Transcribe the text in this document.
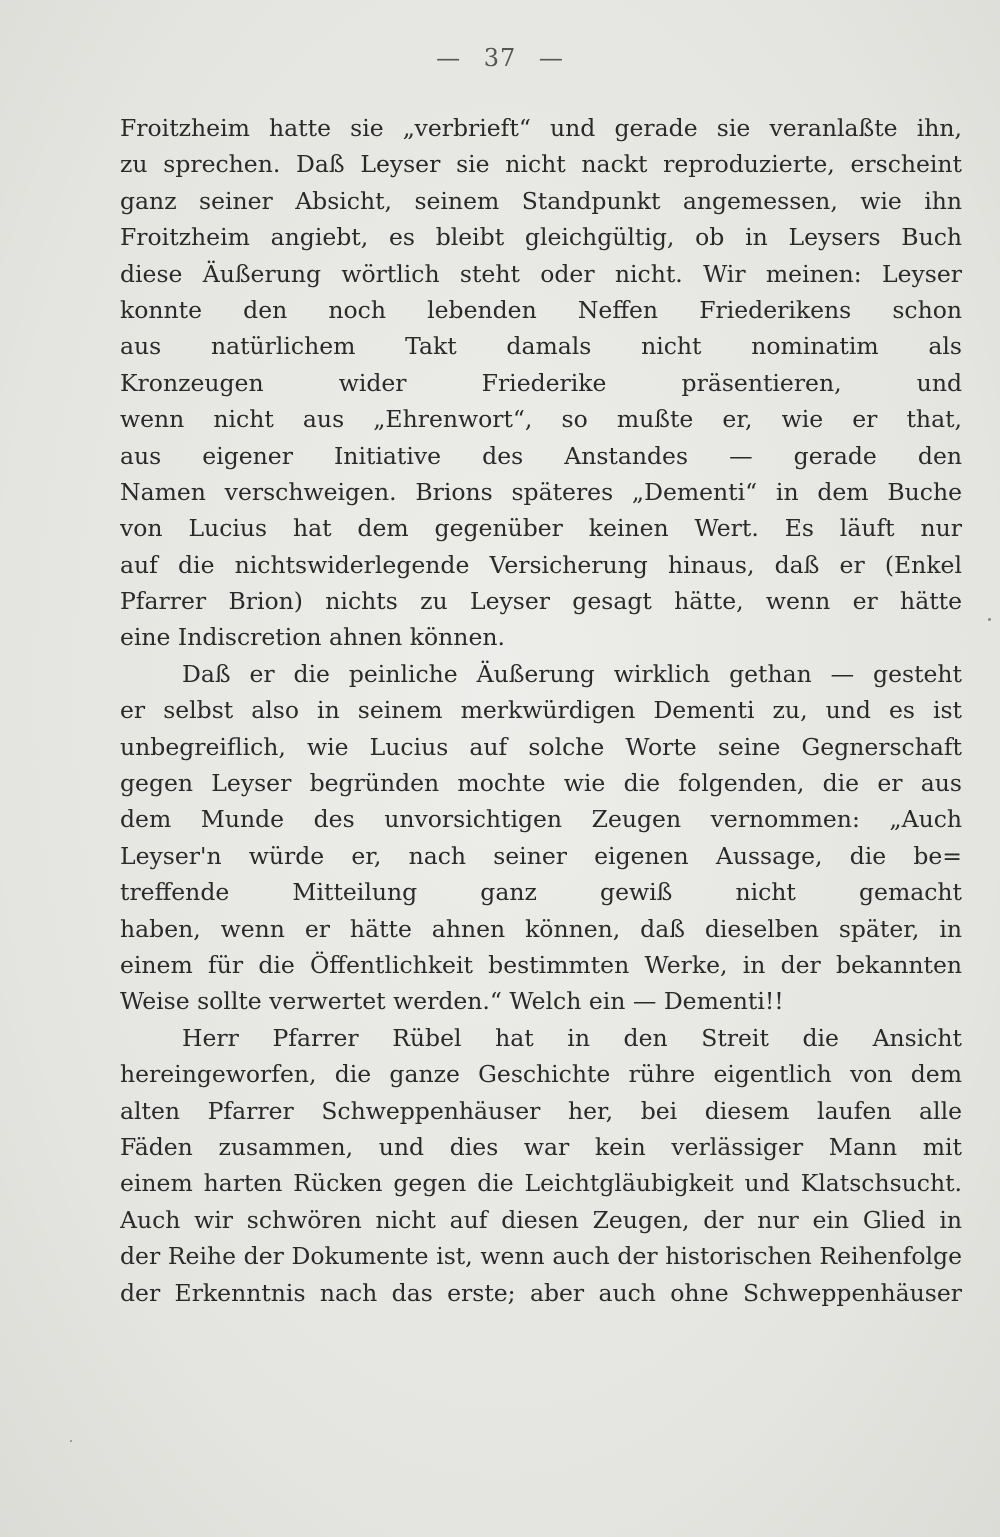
— 37 —
Froitzheim hatte sie „verbrieft“ und gerade sie veranlaßte ihn,
zu sprechen. Daß Leyser sie nicht nackt reproduzierte, erscheint
ganz seiner Absicht, seinem Standpunkt angemessen, wie ihn
Froitzheim angiebt, es bleibt gleichgültig, ob in Leysers Buch
diese Äußerung wörtlich steht oder nicht. Wir meinen: Leyser
konnte den noch lebenden Neffen Friederikens schon
aus natürlichem Takt damals nicht nominatim als
Kronzeugen wider Friederike präsentieren, und
wenn nicht aus „Ehrenwort“, so mußte er, wie er that,
aus eigener Initiative des Anstandes — gerade den
Namen verschweigen. Brions späteres „Dementi“ in dem Buche
von Lucius hat dem gegenüber keinen Wert. Es läuft nur
auf die nichtswiderlegende Versicherung hinaus, daß er (Enkel
Pfarrer Brion) nichts zu Leyser gesagt hätte, wenn er hätte
eine Indiscretion ahnen können.
Daß er die peinliche Äußerung wirklich gethan — gesteht
er selbst also in seinem merkwürdigen Dementi zu, und es ist
unbegreiflich, wie Lucius auf solche Worte seine Gegnerschaft
gegen Leyser begründen mochte wie die folgenden, die er aus
dem Munde des unvorsichtigen Zeugen vernommen: „Auch
Leyser'n würde er, nach seiner eigenen Aussage, die be=
treffende Mitteilung ganz gewiß nicht gemacht
haben, wenn er hätte ahnen können, daß dieselben später, in
einem für die Öffentlichkeit bestimmten Werke, in der bekannten
Weise sollte verwertet werden.“ Welch ein — Dementi!!
Herr Pfarrer Rübel hat in den Streit die Ansicht
hereingeworfen, die ganze Geschichte rühre eigentlich von dem
alten Pfarrer Schweppenhäuser her, bei diesem laufen alle
Fäden zusammen, und dies war kein verlässiger Mann mit
einem harten Rücken gegen die Leichtgläubigkeit und Klatschsucht.
Auch wir schwören nicht auf diesen Zeugen, der nur ein Glied in
der Reihe der Dokumente ist, wenn auch der historischen Reihenfolge
der Erkenntnis nach das erste; aber auch ohne Schweppenhäuser
